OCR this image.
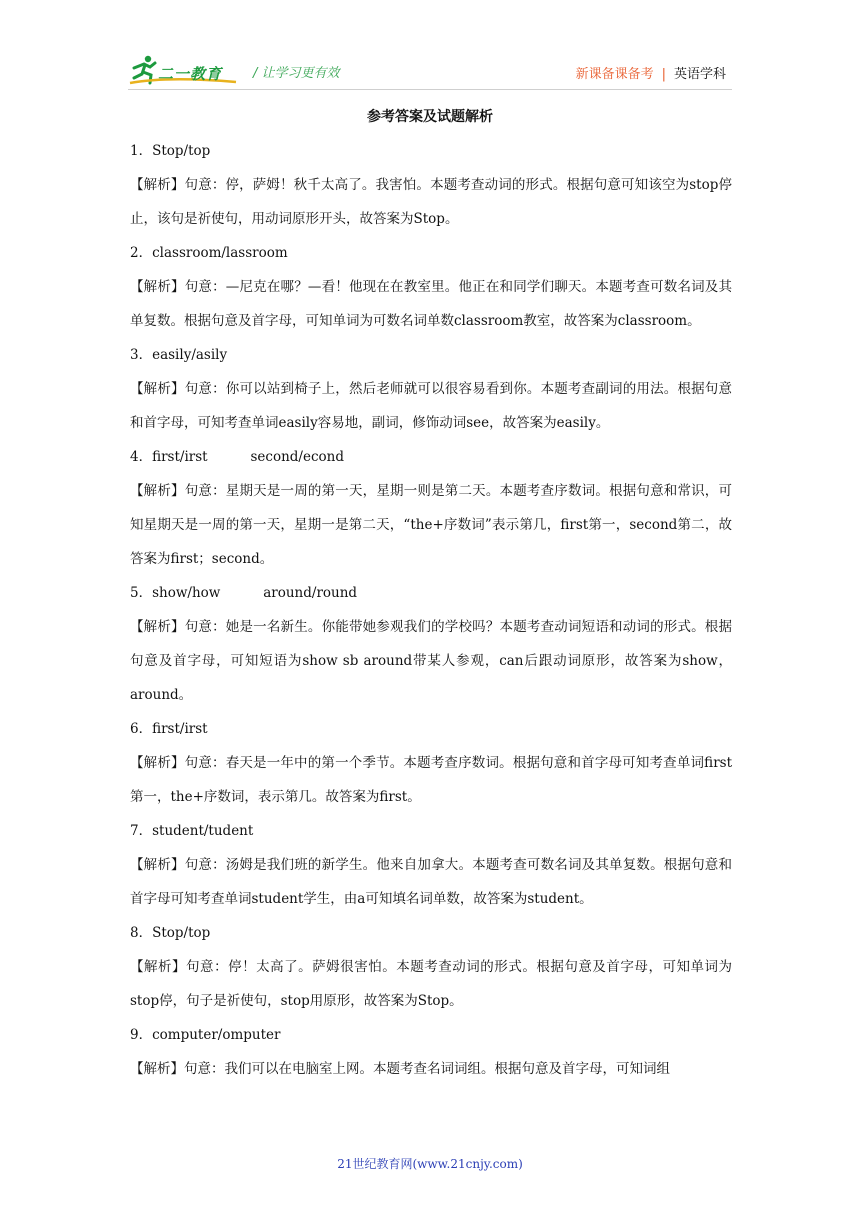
二一教育 / 让学习更有效	新课备课备考 | 英语学科
参考答案及试题解析

1．Stop/top

【解析】句意：停，萨姆！秋千太高了。我害怕。本题考查动词的形式。根据句意可知该空为stop停止，该句是祈使句，用动词原形开头，故答案为Stop。

2．classroom/lassroom

【解析】句意：—尼克在哪？—看！他现在在教室里。他正在和同学们聊天。本题考查可数名词及其单复数。根据句意及首字母，可知单词为可数名词单数classroom教室，故答案为classroom。

3．easily/asily

【解析】句意：你可以站到椅子上，然后老师就可以很容易看到你。本题考查副词的用法。根据句意和首字母，可知考查单词easily容易地，副词，修饰动词see，故答案为easily。

4．first/irst          second/econd

【解析】句意：星期天是一周的第一天，星期一则是第二天。本题考查序数词。根据句意和常识，可知星期天是一周的第一天，星期一是第二天，“the+序数词”表示第几，first第一，second第二，故答案为first；second。

5．show/how          around/round

【解析】句意：她是一名新生。你能带她参观我们的学校吗？本题考查动词短语和动词的形式。根据句意及首字母，可知短语为show sb around带某人参观，can后跟动词原形，故答案为show，around。

6．first/irst

【解析】句意：春天是一年中的第一个季节。本题考查序数词。根据句意和首字母可知考查单词first第一，the+序数词，表示第几。故答案为first。

7．student/tudent

【解析】句意：汤姆是我们班的新学生。他来自加拿大。本题考查可数名词及其单复数。根据句意和首字母可知考查单词student学生，由a可知填名词单数，故答案为student。

8．Stop/top

【解析】句意：停！太高了。萨姆很害怕。本题考查动词的形式。根据句意及首字母，可知单词为stop停，句子是祈使句，stop用原形，故答案为Stop。

9．computer/omputer

【解析】句意：我们可以在电脑室上网。本题考查名词词组。根据句意及首字母，可知词组

21世纪教育网(www.21cnjy.com)
